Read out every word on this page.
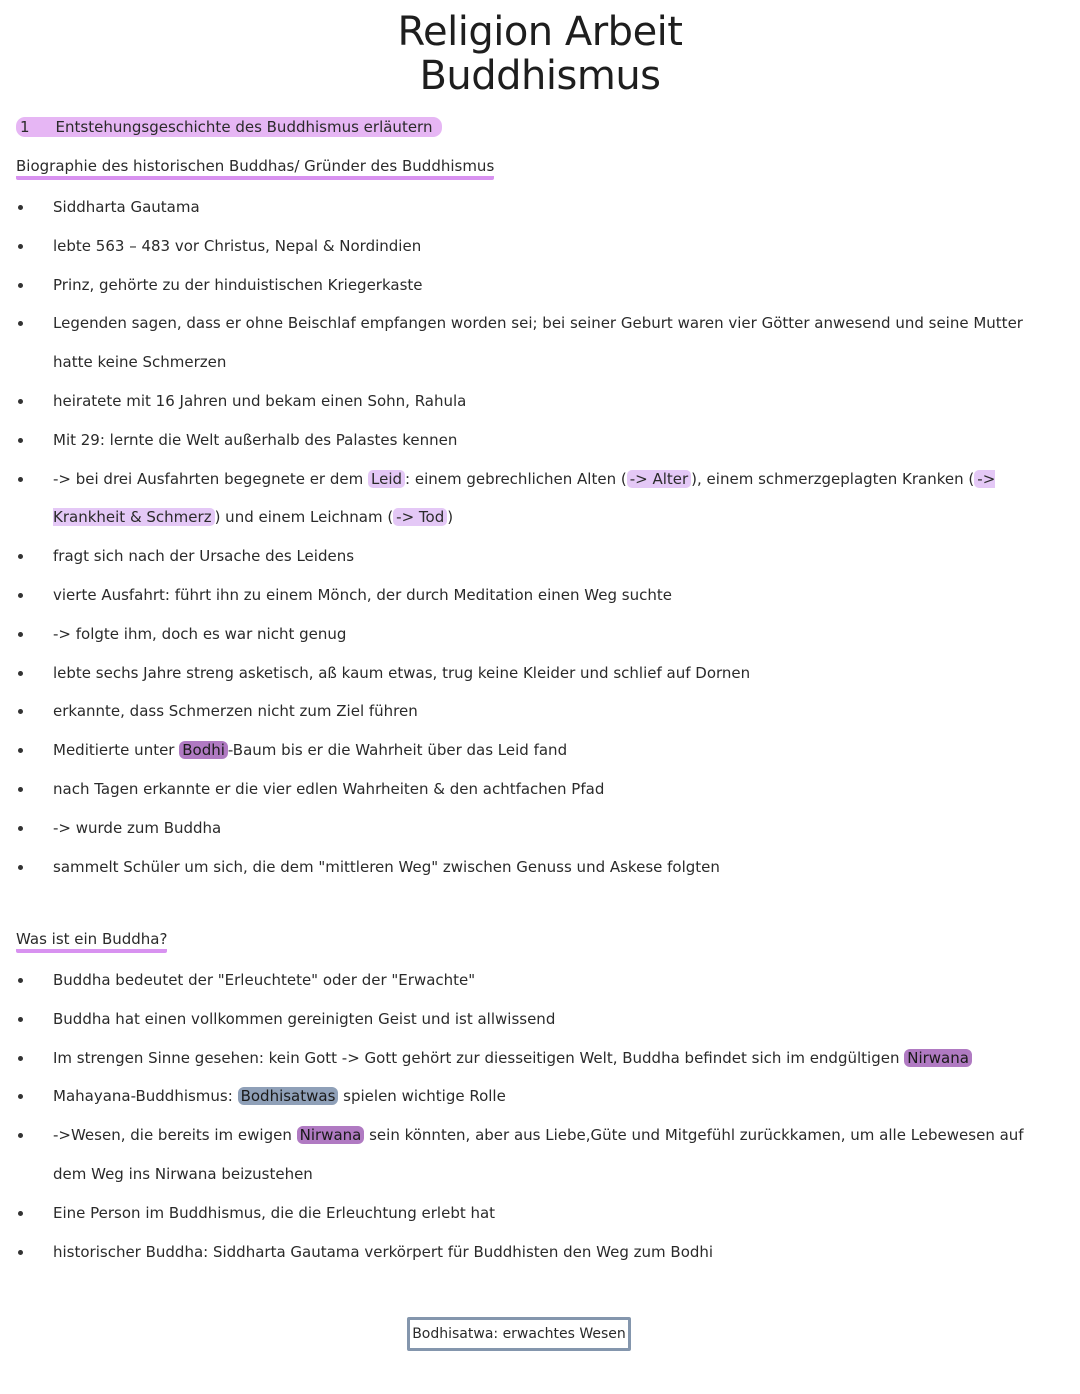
Religion Arbeit
Buddhismus
1 Entstehungsgeschichte des Buddhismus erläutern
Biographie des historischen Buddhas/ Gründer des Buddhismus
Siddharta Gautama
lebte 563 – 483 vor Christus, Nepal & Nordindien
Prinz, gehörte zu der hinduistischen Kriegerkaste
Legenden sagen, dass er ohne Beischlaf empfangen worden sei; bei seiner Geburt waren vier Götter anwesend und seine Mutter hatte keine Schmerzen
heiratete mit 16 Jahren und bekam einen Sohn, Rahula
Mit 29: lernte die Welt außerhalb des Palastes kennen
-> bei drei Ausfahrten begegnete er dem Leid : einem gebrechlichen Alten ( -> Alter ), einem schmerzgeplagten Kranken ( -> Krankheit & Schmerz ) und einem Leichnam ( -> Tod )
fragt sich nach der Ursache des Leidens
vierte Ausfahrt: führt ihn zu einem Mönch, der durch Meditation einen Weg suchte
-> folgte ihm, doch es war nicht genug
lebte sechs Jahre streng asketisch, aß kaum etwas, trug keine Kleider und schlief auf Dornen
erkannte, dass Schmerzen nicht zum Ziel führen
Meditierte unter Bodhi -Baum bis er die Wahrheit über das Leid fand
nach Tagen erkannte er die vier edlen Wahrheiten & den achtfachen Pfad
-> wurde zum Buddha
sammelt Schüler um sich, die dem "mittleren Weg" zwischen Genuss und Askese folgten
Was ist ein Buddha?
Buddha bedeutet der "Erleuchtete" oder der "Erwachte"
Buddha hat einen vollkommen gereinigten Geist und ist allwissend
Im strengen Sinne gesehen: kein Gott -> Gott gehört zur diesseitigen Welt, Buddha befindet sich im endgültigen Nirwana
Mahayana-Buddhismus: Bodhisatwas spielen wichtige Rolle
->Wesen, die bereits im ewigen Nirwana sein könnten, aber aus Liebe,Güte und Mitgefühl zurückkamen, um alle Lebewesen auf dem Weg ins Nirwana beizustehen
Eine Person im Buddhismus, die die Erleuchtung erlebt hat
historischer Buddha: Siddharta Gautama verkörpert für Buddhisten den Weg zum Bodhi
Bodhisatwa: erwachtes Wesen
